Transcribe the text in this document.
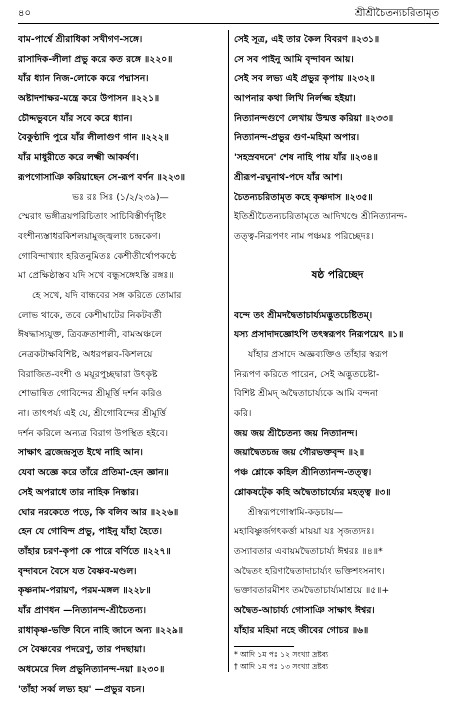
৪০	শ্রীশ্রীচৈতন্যচরিতামৃত
বাম-পার্শ্বে শ্রীরাধিকা সখীগণ-সঙ্গে।
রাসাদিক-লীলা প্রভু করে কত রঙ্গে ॥২২০॥
যাঁর ধ্যান নিজ-লোকে করে পদ্মাসন।
অষ্টাদশাক্ষর-মন্ত্রে করে উপাসন ॥২২১॥
চৌদ্দভুবনে যাঁর সবে করে ধ্যান।
বৈকুণ্ঠাদি পুরে যাঁর লীলাগুণ গান ॥২২২॥
যাঁর মাধুরীতে করে লক্ষ্মী আকর্ষণ।
রূপগোসাঞি করিয়াছেন সে-রূপ বর্ণন ॥২২৩॥
ভঃ রঃ সিঃ (১/২/২৩৯)—
স্মেরাং ভঙ্গীত্রয়পরিচিতাং সাচিবিস্তীর্ণদৃষ্টিং
বংশীন্যস্তাধরকিশলয়ামুজ্জ্বলাং চন্দ্রকেণ।
গোবিন্দাখ্যাং হরিতনুমিতঃ কেশীতীর্থোপকণ্ঠে
মা প্রেক্ষিষ্ঠাস্তব যদি সখে বন্ধুসঙ্গেঽস্তি রঙ্গঃ॥
হে সখে, যদি বান্ধবের সঙ্গ করিতে তোমার
লোভ থাকে, তবে কেশীঘাটের নিকটবর্তী
ঈষদ্ধাস্যযুক্ত, ত্রিবক্রতাশালী, বামঅঞ্চলে
নেত্রকটাক্ষবিশিষ্ট, অধরপল্লব-কিশলয়ে
বিরাজিত-বংশী ও ময়ূরপুচ্ছদ্বারা উৎকৃষ্ট
শোভান্বিত গোবিন্দের শ্রীমূর্ত্তি দর্শন করিও
না। তাৎপর্য্য এই যে, শ্রীগোবিন্দের শ্রীমূর্ত্তি
দর্শন করিলে অন্যত্র বিরাগ উপস্থিত হইবে।
সাক্ষাৎ ব্রজেন্দ্রসুত ইথে নাহি আন।
যেবা অজ্ঞে করে তাঁরে প্রতিমা-হেন জ্ঞান॥
সেই অপরাধে তার নাহিক নিস্তার।
ঘোর নরকেতে পড়ে, কি বলিব আর ॥২২৬॥
হেন যে গোবিন্দ প্রভু, পাইনু যাঁহা হৈতে।
তাঁহার চরণ-কৃপা কে পারে বর্ণিতে ॥২২৭॥
বৃন্দাবনে বৈসে যত বৈষ্ণব-মণ্ডল।
কৃষ্ণনাম-পরায়ণ, পরম-মঙ্গল ॥২২৮॥
যাঁর প্রাণধন —নিত্যানন্দ-শ্রীচৈতন্য।
রাধাকৃষ্ণ-ভক্তি বিনে নাহি জানে অন্য ॥২২৯॥
সে বৈষ্ণবের পদরেণু, তার পদছায়া।
অধমেরে দিল প্রভুনিত্যানন্দ-দয়া ॥২৩০॥
'তাঁহা সর্ব্ব লভ্য হয়' —প্রভুর বচন।
সেই সূত্র, এই তার কৈল বিবরণ ॥২৩১॥
সে সব পাইনু আমি বৃন্দাবন আয়।
সেই সব লভ্য এই প্রভুর কৃপায় ॥২৩২॥
আপনার কথা লিখি নির্লজ্জ হইয়া।
নিত্যানন্দগুণে লেখায় উন্মত্ত করিয়া ॥২৩৩॥
নিত্যানন্দ-প্রভুর গুণ-মহিমা অপার।
'সহস্রবদনে' শেষ নাহি পায় যাঁর ॥২৩৪॥
শ্রীরূপ-রঘুনাথ-পদে যাঁর আশ।
চৈতন্যচরিতামৃত কহে কৃষ্ণদাস ॥২৩৫॥
ইতিশ্রীচৈতন্যচরিতামৃতে আদিখণ্ডে শ্রীনিত্যানন্দ-
তত্ত্ব-নিরূপণং নাম পঞ্চমঃ পরিচ্ছেদঃ।
ষষ্ঠ পরিচ্ছেদ
বন্দে তং শ্রীমদদ্বৈতাচার্য্যমদ্ভুতচেষ্টিতম্।
যস্য প্রসাদাদজ্ঞোঽপি তৎস্বরূপং নিরূপয়েৎ ॥১॥
যাঁহার প্রসাদে অজ্ঞব্যক্তিও তাঁহার স্বরূপ
নিরূপণ করিতে পারেন, সেই অদ্ভুতচেষ্টা-
বিশিষ্ট শ্রীমদ্ অদ্বৈতাচার্য্যকে আমি বন্দনা
করি।
জয় জয় শ্রীচৈতন্য জয় নিত্যানন্দ।
জয়াদ্বৈতচন্দ্র জয় গৌরভক্তবৃন্দ ॥২॥
পঞ্চ শ্লোকে কহিল শ্রীনিত্যানন্দ-তত্ত্ব।
শ্লোকষট্কে কহি অদ্বৈতাচার্য্যের মহত্ত্ব ॥৩॥
শ্রীস্বরূপগোস্বামি-কড়চায়—
মহাবিষ্ণুর্জগৎকর্ত্তা মায়য়া যঃ সৃজত্যদঃ।
তস্যাবতার এবায়মদ্বৈতাচার্য্য ঈশ্বরঃ ॥৪॥*
অদ্বৈতং হরিণাদ্বৈতাদাচার্য্যং ভক্তিশংসনাৎ।
ভক্তাবতারমীশং তমদ্বৈতাচার্য্যমাশ্রয়ে ॥৫॥+
অদ্বৈত-আচার্য্য গোসাঞি সাক্ষাৎ ঈশ্বর।
যাঁহার মহিমা নহে জীবের গোচর ॥৬॥
* আদি ১ম পঃ ১২ সংখ্যা দ্রষ্টব্য
† আদি ১ম পঃ ১৩ সংখ্যা দ্রষ্টব্য
